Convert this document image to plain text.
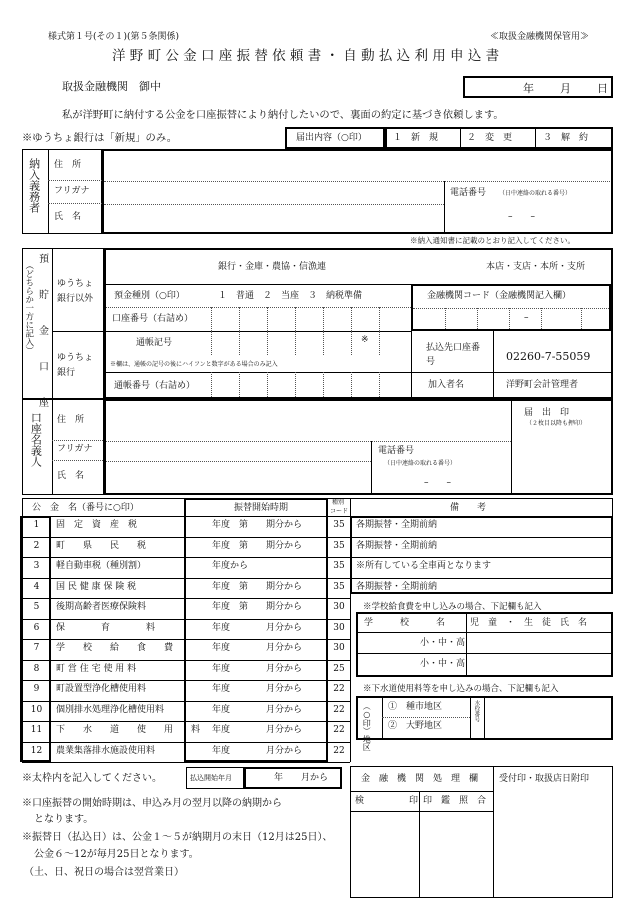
様式第１号(その１)(第５条関係)	≪取扱金融機関保管用≫
洋 野 町 公 金 口 座 振 替 依 頼 書 ・ 自 動 払 込 利 用 申 込 書
取扱金融機関　御中	年 月 日
私が洋野町に納付する公金を口座振替により納付したいので、裏面の約定に基づき依頼します。
※ゆうちょ銀行は「新規」のみ。	届出内容（○印）	１　新　規	２　変　更	３　解　約
納入義務者 住　所
フリガナ
氏　名
電話番号 （日中連絡の取れる番号）
–　　–
※納入通知書に記載のとおり記入してください。
（どちらか一方に記入） 預　貯　金　口　座 ゆうちょ銀行以外
ゆうちょ銀行
銀行・金庫・農協・信漁連	本店・支店・本所・支所
預金種別（○印）	１　普通　２　当座　３　納税準備
口座番号（右詰め）
金融機関コード（金融機関記入欄）
–
通帳記号	※
※欄は、通帳の記号の後にハイフンと数字がある場合のみ記入
通帳番号（右詰め）
払込先口座番号	02260-7-55059
加入者名	洋野町会計管理者
口座名義人 住　所
フリガナ
氏　名
電話番号
（日中連絡の取れる番号）
–　　–
届　出　印
（２枚目以降も押印）
公　金　名（番号に○印）	振替開始時期
種別
コード	備　　考
1	固　定　資　産　税	年度　第　　期分から	35	各期振替・全期前納
2	町　　県　　民　　税	年度　第　　期分から	35	各期振替・全期前納
3	軽自動車税（種別割）	年度から	35	※所有している全車両となります
4	国 民 健 康 保 険 税	年度　第　　期分から	35	各期振替・全期前納
5	後期高齢者医療保険料	年度　第　　期分から	30	※学校給食費を申し込みの場合、下記欄も記入
6	保　　　　育　　　　料	年度　　　　月分から	30
7	学　　校　　給　　食　　費	年度　　　　月分から	30
8	町 営 住 宅 使 用 料	年度　　　　月分から	25
9	町設置型浄化槽使用料	年度　　　　月分から	22	※下水道使用料等を申し込みの場合、下記欄も記入
10	個別排水処理浄化槽使用料	年度　　　　月分から	22
11	下　　水　　道　　使　　用　　料 年度　　　　月分から	22
12	農業集落排水施設使用料	年度　　　　月分から	22
学　　　校　　　名	児　童　・　生　徒　氏　名
小・中・高
小・中・高
（○印）地区 ①　種市地区
②　大野地区
水栓番号
※太枠内を記入してください。	払込開始年月	年　　月から
※口座振替の開始時期は、申込み月の翌月以降の納期から
となります。
※振替日（払込日）は、公金１～５が納期月の末日（12月は25日）、
公金６～12が毎月25日となります。
（土、日、祝日の場合は翌営業日）
金　融　機　関　処　理　欄
検　　　　　印 印　鑑　照　合
受付印・取扱店日附印
